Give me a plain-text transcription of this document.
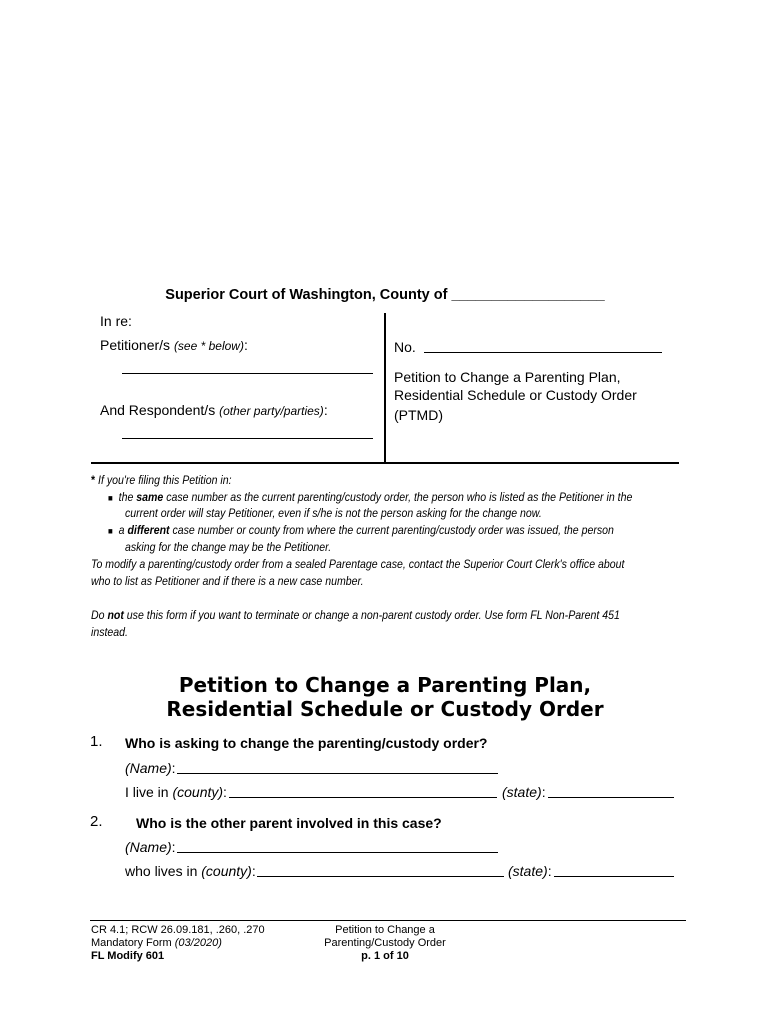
Superior Court of Washington, County of ___________________
In re:
Petitioner/s (see * below):
And Respondent/s (other party/parties):
No.
Petition to Change a Parenting Plan,
Residential Schedule or Custody Order
(PTMD)
* If you're filing this Petition in:
■ the same case number as the current parenting/custody order, the person who is listed as the Petitioner in the
current order will stay Petitioner, even if s/he is not the person asking for the change now.
■ a different case number or county from where the current parenting/custody order was issued, the person
asking for the change may be the Petitioner.
To modify a parenting/custody order from a sealed Parentage case, contact the Superior Court Clerk's office about
who to list as Petitioner and if there is a new case number.
Do not use this form if you want to terminate or change a non-parent custody order. Use form FL Non-Parent 451
instead.
Petition to Change a Parenting Plan,
Residential Schedule or Custody Order
1. Who is asking to change the parenting/custody order?
(Name):
I live in (county):	(state):
2. Who is the other parent involved in this case?
(Name):
who lives in (county):	(state):
CR 4.1; RCW 26.09.181, .260, .270
Mandatory Form (03/2020)
FL Modify 601
Petition to Change a
Parenting/Custody Order
p. 1 of 10
